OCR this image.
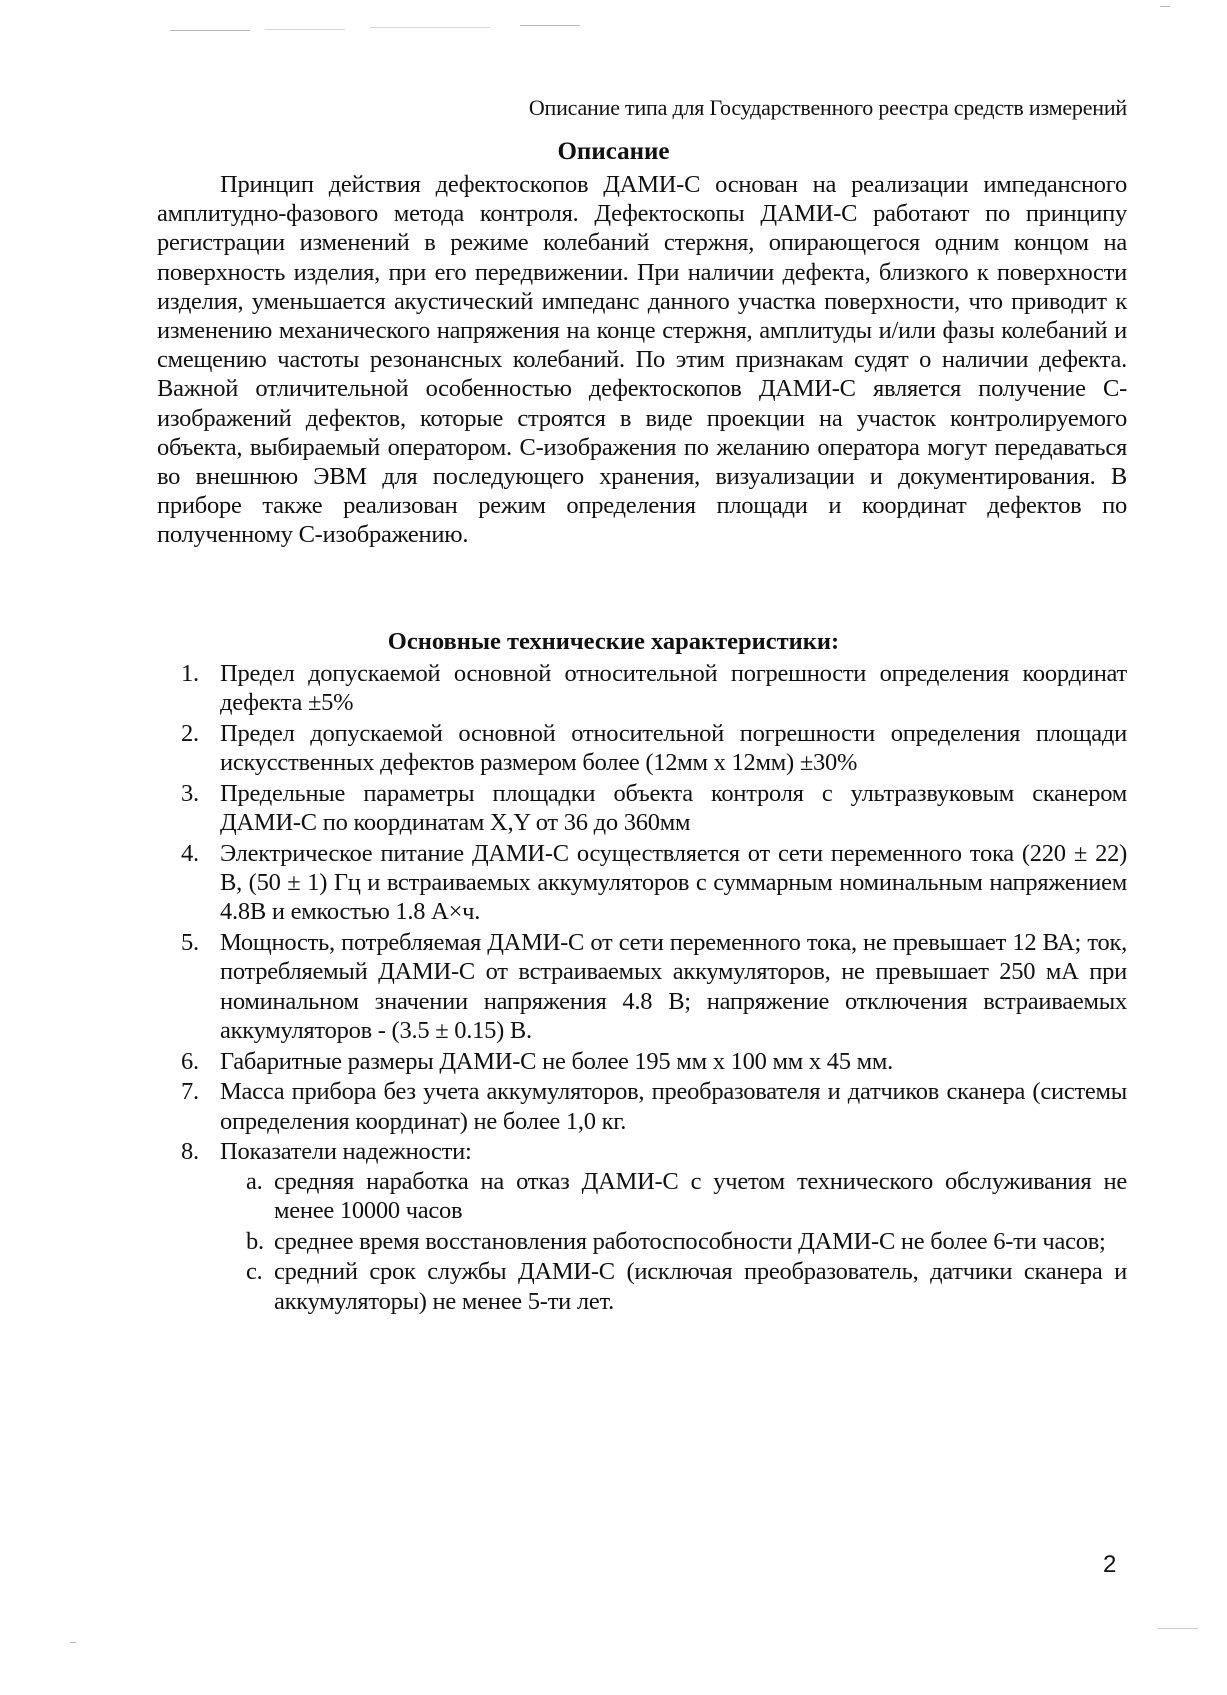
Описание типа для Государственного реестра средств измерений
Описание

Принцип действия дефектоскопов ДАМИ-С основан на реализации импедансного амплитудно-фазового метода контроля. Дефектоскопы ДАМИ-С работают по принципу регистрации изменений в режиме колебаний стержня, опирающегося одним концом на поверхность изделия, при его передвижении. При наличии дефекта, близкого к поверхности изделия, уменьшается акустический импеданс данного участка поверхности, что приводит к изменению механического напряжения на конце стержня, амплитуды и/или фазы колебаний и смещению частоты резонансных колебаний. По этим признакам судят о наличии дефекта. Важной отличительной особенностью дефектоскопов ДАМИ-С является получение С-изображений дефектов, которые строятся в виде проекции на участок контролируемого объекта, выбираемый оператором. С-изображения по желанию оператора могут передаваться во внешнюю ЭВМ для последующего хранения, визуализации и документирования. В приборе также реализован режим определения площади и координат дефектов по полученному С-изображению.

Основные технические характеристики:
1. Предел допускаемой основной относительной погрешности определения координат дефекта ±5%
2. Предел допускаемой основной относительной погрешности определения площади искусственных дефектов размером более (12мм x 12мм) ±30%
3. Предельные параметры площадки объекта контроля с ультразвуковым сканером ДАМИ-С по координатам X,Y от 36 до 360мм
4. Электрическое питание ДАМИ-С осуществляется от сети переменного тока (220 ± 22) В, (50 ± 1) Гц и встраиваемых аккумуляторов с суммарным номинальным напряжением 4.8В и емкостью 1.8 А×ч.
5. Мощность, потребляемая ДАМИ-С от сети переменного тока, не превышает 12 ВА; ток, потребляемый ДАМИ-С от встраиваемых аккумуляторов, не превышает 250 мА при номинальном значении напряжения 4.8 В; напряжение отключения встраиваемых аккумуляторов - (3.5 ± 0.15) В.
6. Габаритные размеры ДАМИ-С не более 195 мм x 100 мм x 45 мм.
7. Масса прибора без учета аккумуляторов, преобразователя и датчиков сканера (системы определения координат) не более 1,0 кг.
8. Показатели надежности:
a. средняя наработка на отказ ДАМИ-С с учетом технического обслуживания не менее 10000 часов
b. среднее время восстановления работоспособности ДАМИ-С не более 6-ти часов;
c. средний срок службы ДАМИ-С (исключая преобразователь, датчики сканера и аккумуляторы) не менее 5-ти лет.
2
